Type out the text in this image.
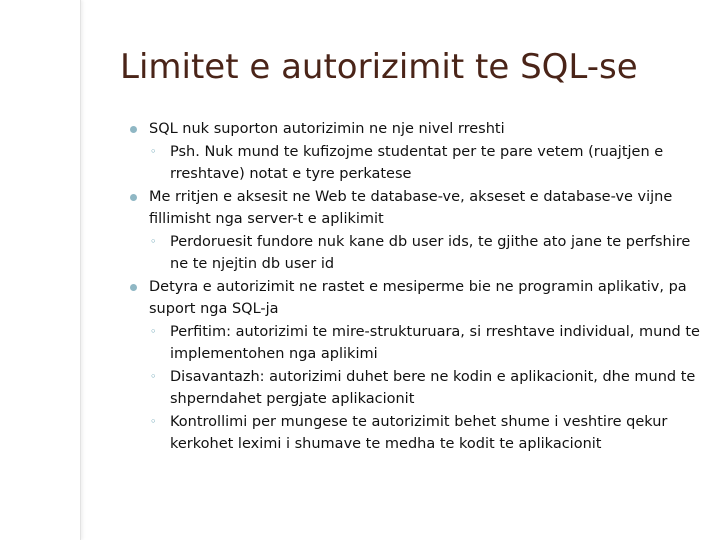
Limitet e autorizimit te SQL-se
SQL nuk suporton autorizimin ne nje nivel rreshti
◦ Psh. Nuk mund te kufizojme studentat per te pare vetem (ruajtjen e rreshtave) notat e tyre perkatese
Me rritjen e aksesit ne Web te database-ve, akseset e database-ve vijne fillimisht nga server-t e aplikimit
◦ Perdoruesit fundore nuk kane db user ids, te gjithe ato jane te perfshire ne te njejtin db user id
Detyra e autorizimit ne rastet e mesiperme bie ne programin aplikativ, pa suport nga SQL-ja
◦ Perfitim: autorizimi te mire-strukturuara, si rreshtave individual, mund te implementohen nga aplikimi
◦ Disavantazh: autorizimi duhet bere ne kodin e aplikacionit, dhe mund te shperndahet pergjate aplikacionit
◦ Kontrollimi per mungese te autorizimit behet shume i veshtire qekur kerkohet leximi i shumave te medha te kodit te aplikacionit
